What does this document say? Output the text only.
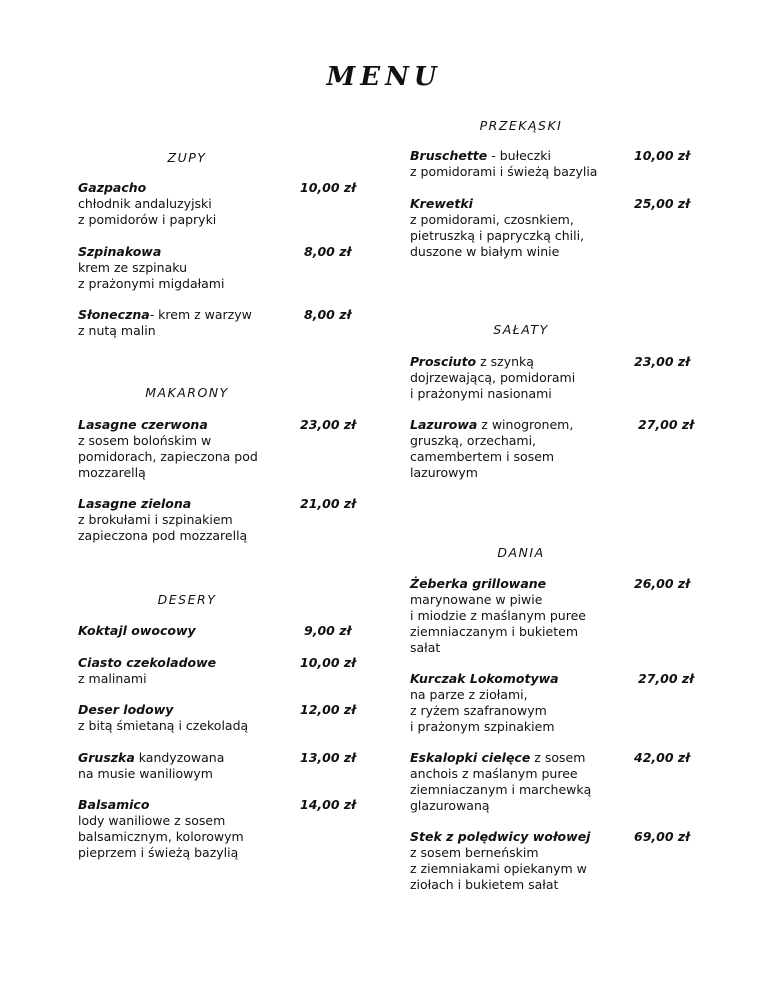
MENU
ZUPY
Gazpacho
chłodnik andaluzyjski
z pomidorów i papryki
10,00 zł
Szpinakowa
krem ze szpinaku
z prażonymi migdałami
8,00 zł
Słoneczna- krem z warzyw
z nutą malin
8,00 zł
MAKARONY
Lasagne czerwona
z sosem bolońskim w
pomidorach, zapieczona pod
mozzarellą
23,00 zł
Lasagne zielona
z brokułami i szpinakiem
zapieczona pod mozzarellą
21,00 zł
DESERY
Koktajl owocowy	9,00 zł
Ciasto czekoladowe
z malinami
10,00 zł
Deser lodowy
z bitą śmietaną i czekoladą
12,00 zł
Gruszka kandyzowana
na musie waniliowym
13,00 zł
Balsamico
lody waniliowe z sosem
balsamicznym, kolorowym
pieprzem i świeżą bazylią
14,00 zł
PRZEKĄSKI
Bruschette - bułeczki
z pomidorami i świeżą bazylia
10,00 zł
Krewetki
z pomidorami, czosnkiem,
pietruszką i papryczką chili,
duszone w białym winie
25,00 zł
SAŁATY
Prosciuto z szynką
dojrzewającą, pomidorami
i prażonymi nasionami
23,00 zł
Lazurowa z winogronem,
gruszką, orzechami,
camembertem i sosem
lazurowym
27,00 zł
DANIA
Żeberka grillowane
marynowane w piwie
i miodzie z maślanym puree
ziemniaczanym i bukietem
sałat
26,00 zł
Kurczak Lokomotywa
na parze z ziołami,
z ryżem szafranowym
i prażonym szpinakiem
27,00 zł
Eskalopki cielęce z sosem
anchois z maślanym puree
ziemniaczanym i marchewką
glazurowaną
42,00 zł
Stek z polędwicy wołowej
z sosem berneńskim
z ziemniakami opiekanym w
ziołach i bukietem sałat
69,00 zł
